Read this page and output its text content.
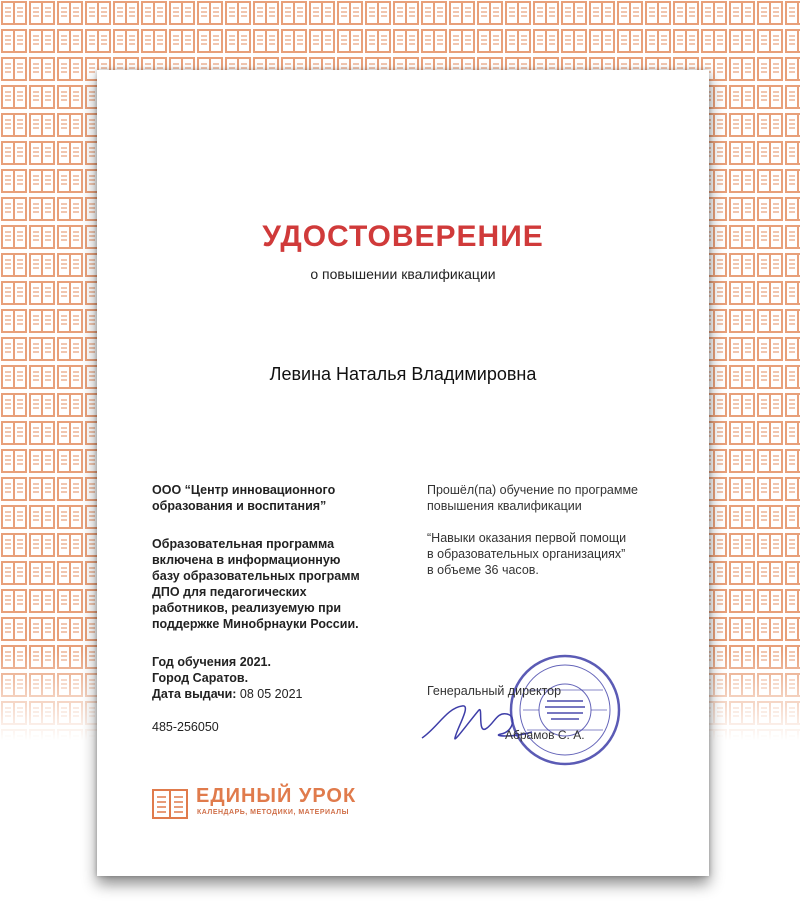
УДОСТОВЕРЕНИЕ
о повышении квалификации
Левина Наталья Владимировна
ООО “Центр инновационного
образования и воспитания”
Образовательная программа
включена в информационную
базу образовательных программ
ДПО для педагогических
работников, реализуемую при
поддержке Минобрнауки России.
Год обучения 2021.
Город Саратов.
Дата выдачи: 08 05 2021
485-256050
Прошёл(па) обучение по программе
повышения квалификации
“Навыки оказания первой помощи
в образовательных организациях”
в объеме 36 часов.
Генеральный директор
Абрамов С. А.
ЕДИНЫЙ УРОК
КАЛЕНДАРЬ, МЕТОДИКИ, МАТЕРИАЛЫ
